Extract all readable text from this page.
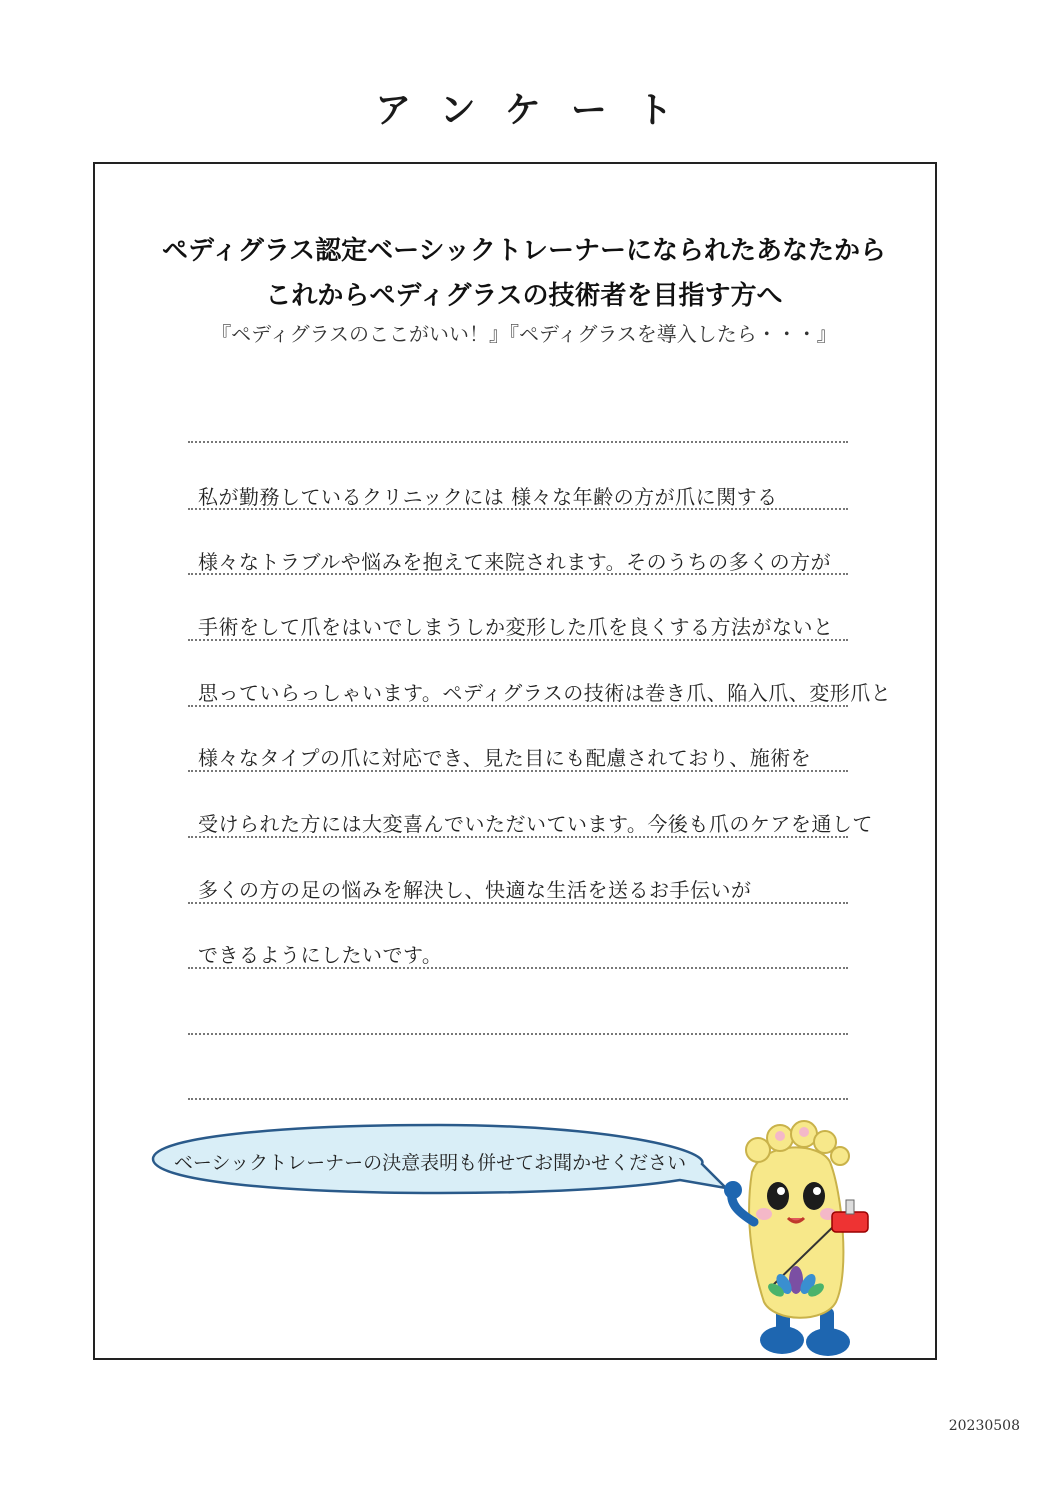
アンケート
ペディグラス認定ベーシックトレーナーになられたあなたから
これからペディグラスの技術者を目指す方へ
『ペディグラスのここがいい！』『ペディグラスを導入したら・・・』
私が勤務しているクリニックには 様々な年齢の方が爪に関する
様々なトラブルや悩みを抱えて来院されます。そのうちの多くの方が
手術をして爪をはいでしまうしか変形した爪を良くする方法がないと
思っていらっしゃいます。ペディグラスの技術は巻き爪、陥入爪、変形爪と
様々なタイプの爪に対応でき、見た目にも配慮されており、施術を
受けられた方には大変喜んでいただいています。今後も爪のケアを通して
多くの方の足の悩みを解決し、快適な生活を送るお手伝いが
できるようにしたいです。
ベーシックトレーナーの決意表明も併せてお聞かせください
20230508
